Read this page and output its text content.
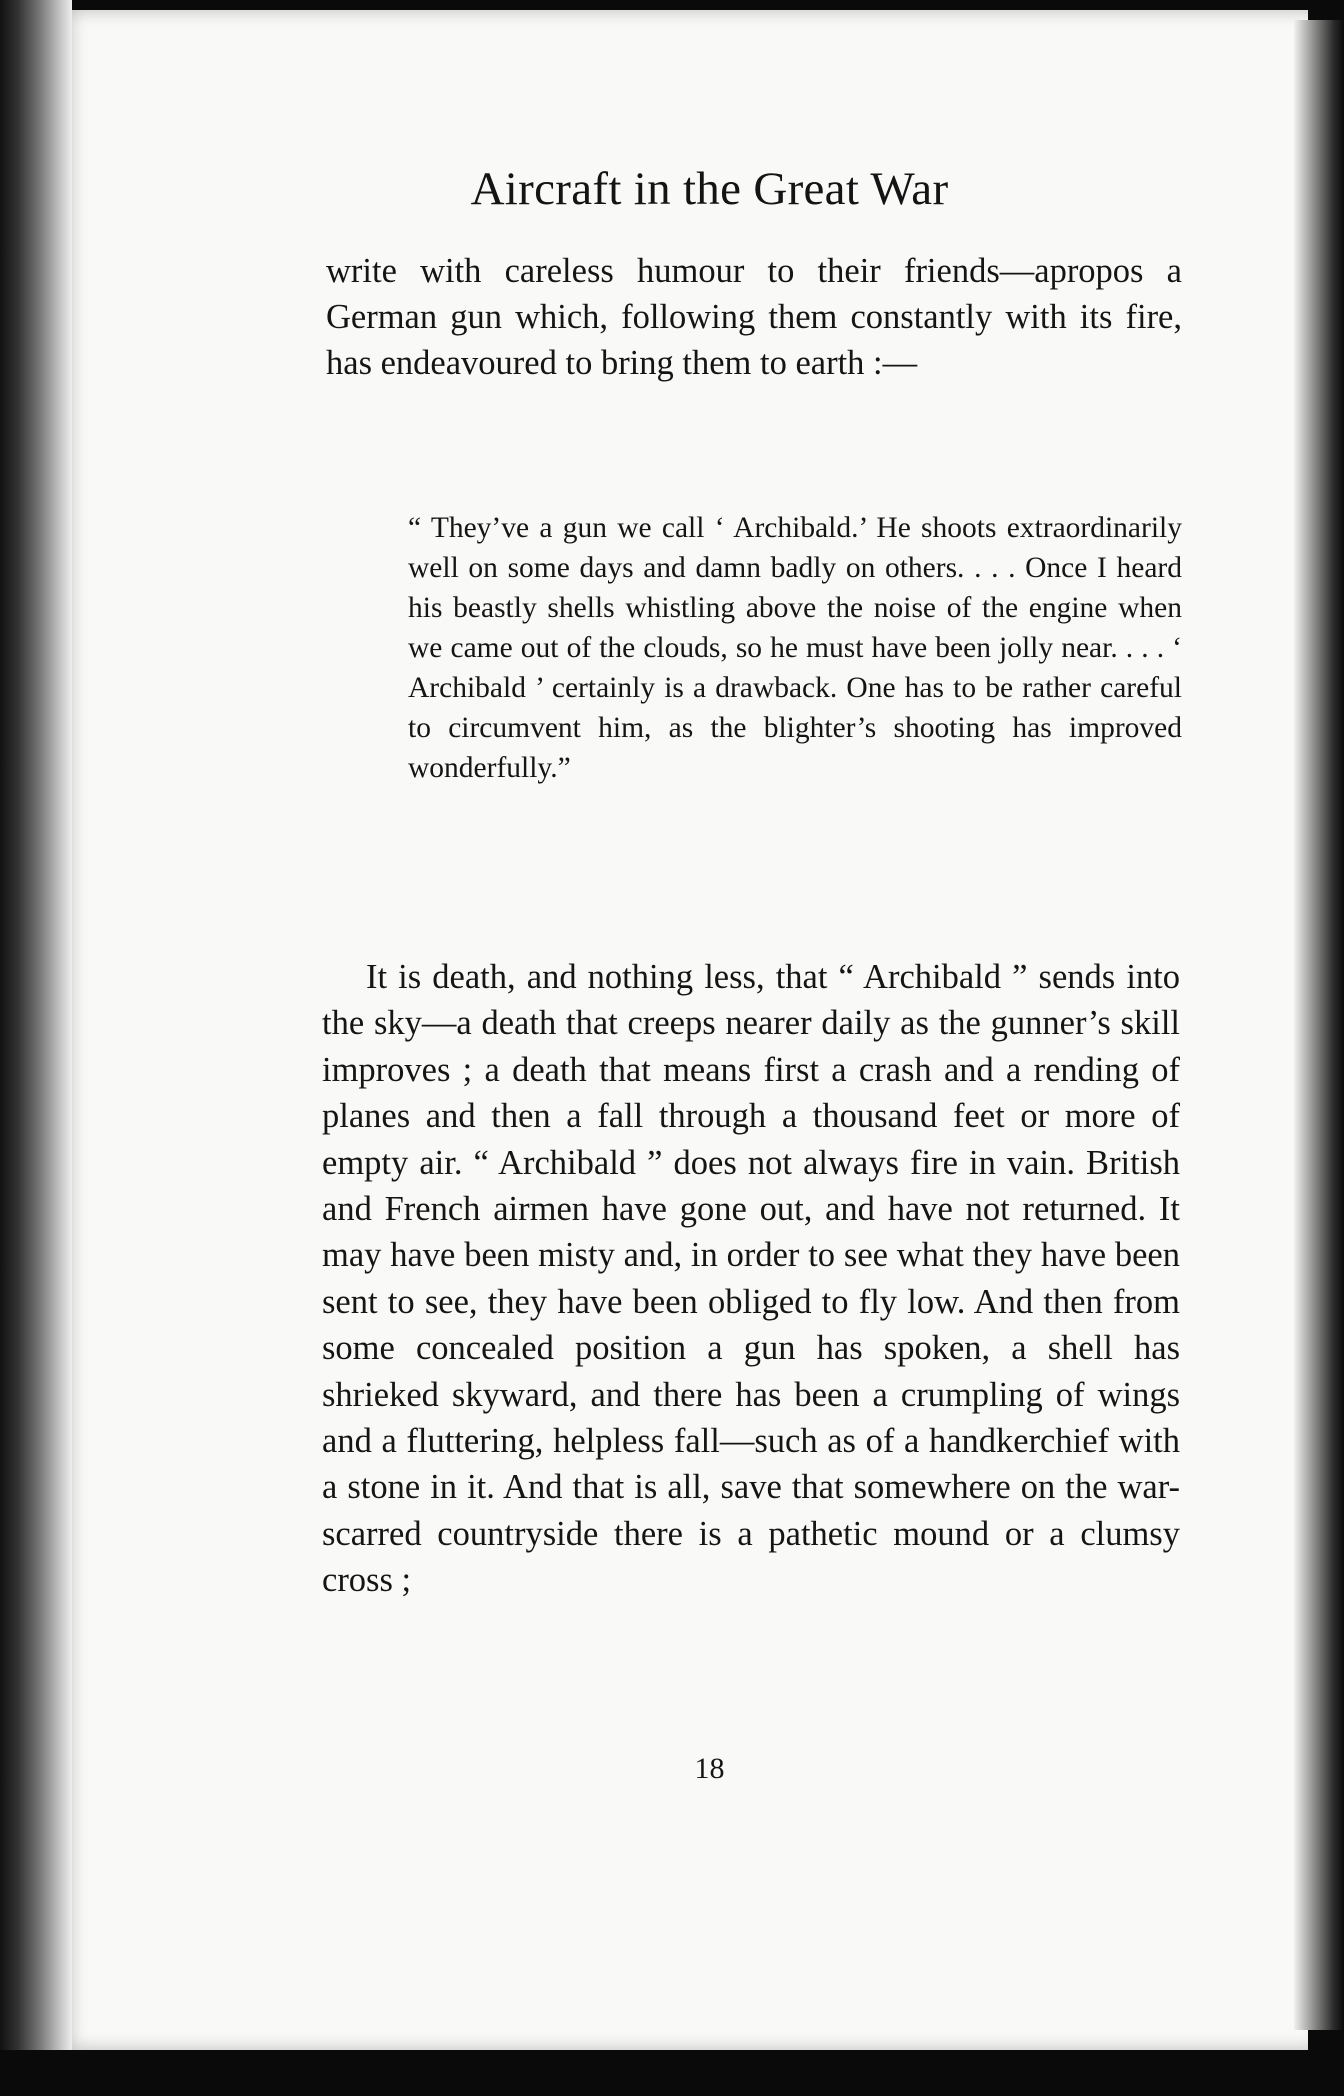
Aircraft in the Great War

write with careless humour to their friends—apropos a German gun which, following them constantly with its fire, has endeavoured to bring them to earth :—

“ They’ve a gun we call ‘ Archibald.’ He shoots extraordinarily well on some days and damn badly on others. . . . Once I heard his beastly shells whistling above the noise of the engine when we came out of the clouds, so he must have been jolly near. . . . ‘ Archibald ’ certainly is a drawback. One has to be rather careful to circumvent him, as the blighter’s shooting has improved wonderfully.”

It is death, and nothing less, that “ Archibald ” sends into the sky—a death that creeps nearer daily as the gunner’s skill improves ; a death that means first a crash and a rending of planes and then a fall through a thousand feet or more of empty air. “ Archibald ” does not always fire in vain. British and French airmen have gone out, and have not returned. It may have been misty and, in order to see what they have been sent to see, they have been obliged to fly low. And then from some concealed position a gun has spoken, a shell has shrieked skyward, and there has been a crumpling of wings and a fluttering, helpless fall—such as of a handkerchief with a stone in it. And that is all, save that somewhere on the war-scarred countryside there is a pathetic mound or a clumsy cross ;

18
